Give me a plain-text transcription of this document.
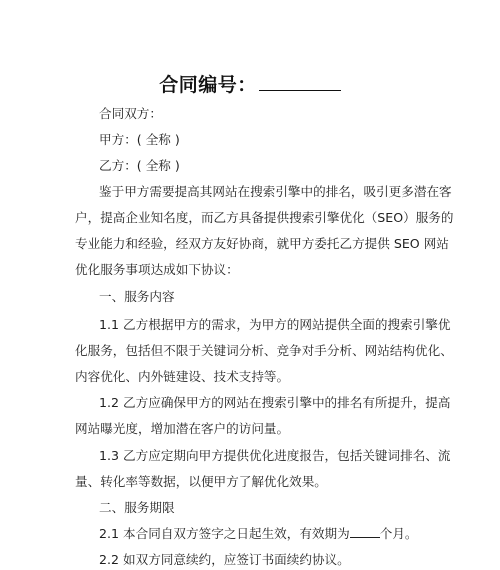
合同编号：
合同双方：
甲方：( 全称 )
乙方：( 全称 )
鉴于甲方需要提高其网站在搜索引擎中的排名，吸引更多潜在客
户，提高企业知名度，而乙方具备提供搜索引擎优化（SEO）服务的
专业能力和经验，经双方友好协商，就甲方委托乙方提供 SEO 网站
优化服务事项达成如下协议：
一、服务内容
1.1 乙方根据甲方的需求，为甲方的网站提供全面的搜索引擎优
化服务，包括但不限于关键词分析、竞争对手分析、网站结构优化、
内容优化、内外链建设、技术支持等。
1.2 乙方应确保甲方的网站在搜索引擎中的排名有所提升，提高
网站曝光度，增加潜在客户的访问量。
1.3 乙方应定期向甲方提供优化进度报告，包括关键词排名、流
量、转化率等数据，以便甲方了解优化效果。
二、服务期限
2.1 本合同自双方签字之日起生效，有效期为 个月。
2.2 如双方同意续约，应签订书面续约协议。
